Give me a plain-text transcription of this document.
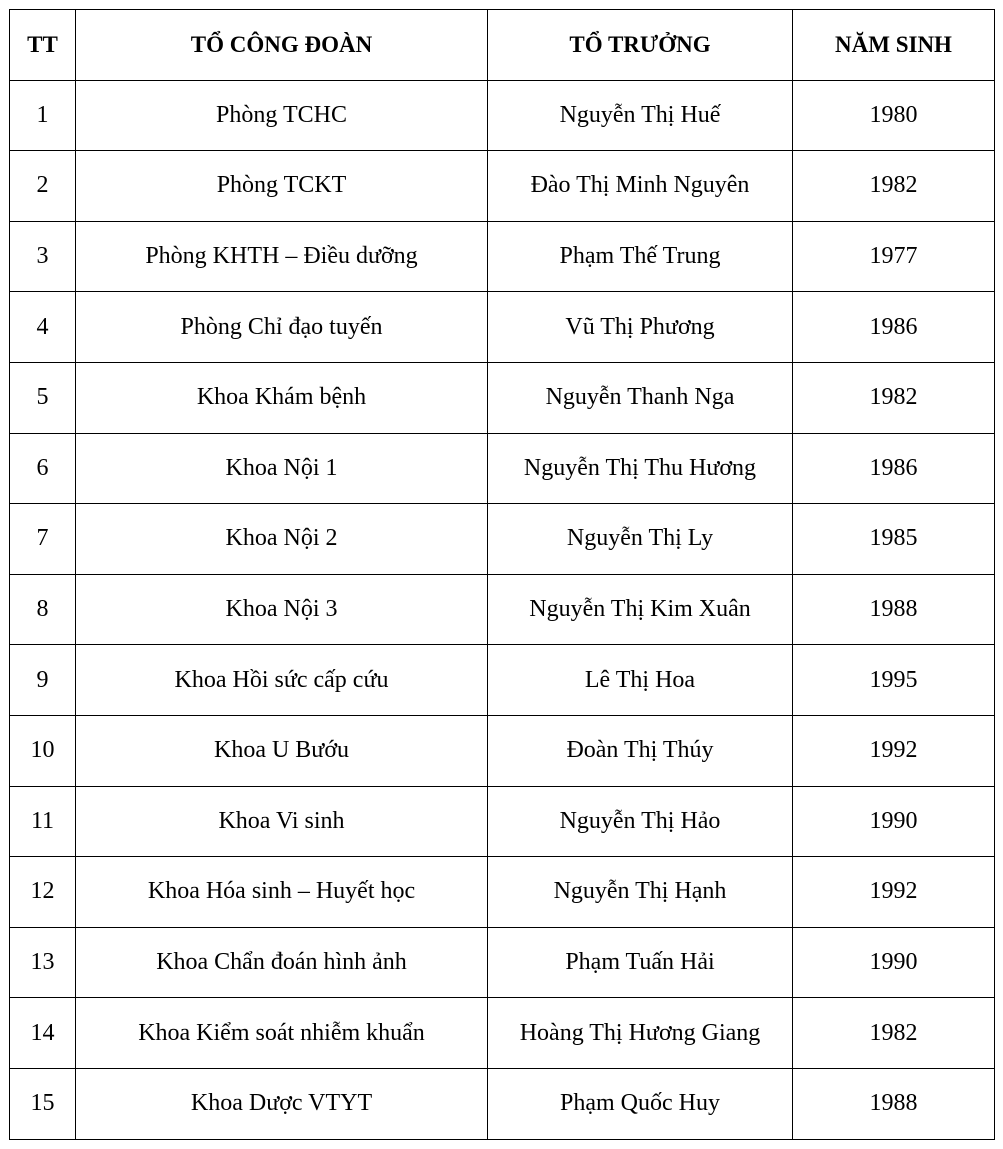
TT	TỔ CÔNG ĐOÀN	TỔ TRƯỞNG	NĂM SINH
1	Phòng TCHC	Nguyễn Thị Huế	1980
2	Phòng TCKT	Đào Thị Minh Nguyên	1982
3	Phòng KHTH – Điều dưỡng	Phạm Thế Trung	1977
4	Phòng Chỉ đạo tuyến	Vũ Thị Phương	1986
5	Khoa Khám bệnh	Nguyễn Thanh Nga	1982
6	Khoa Nội 1	Nguyễn Thị Thu Hương	1986
7	Khoa Nội 2	Nguyễn Thị Ly	1985
8	Khoa Nội 3	Nguyễn Thị Kim Xuân	1988
9	Khoa Hồi sức cấp cứu	Lê Thị Hoa	1995
10	Khoa U Bướu	Đoàn Thị Thúy	1992
11	Khoa Vi sinh	Nguyễn Thị Hảo	1990
12	Khoa Hóa sinh – Huyết học	Nguyễn Thị Hạnh	1992
13	Khoa Chẩn đoán hình ảnh	Phạm Tuấn Hải	1990
14	Khoa Kiểm soát nhiễm khuẩn	Hoàng Thị Hương Giang	1982
15	Khoa Dược VTYT	Phạm Quốc Huy	1988
